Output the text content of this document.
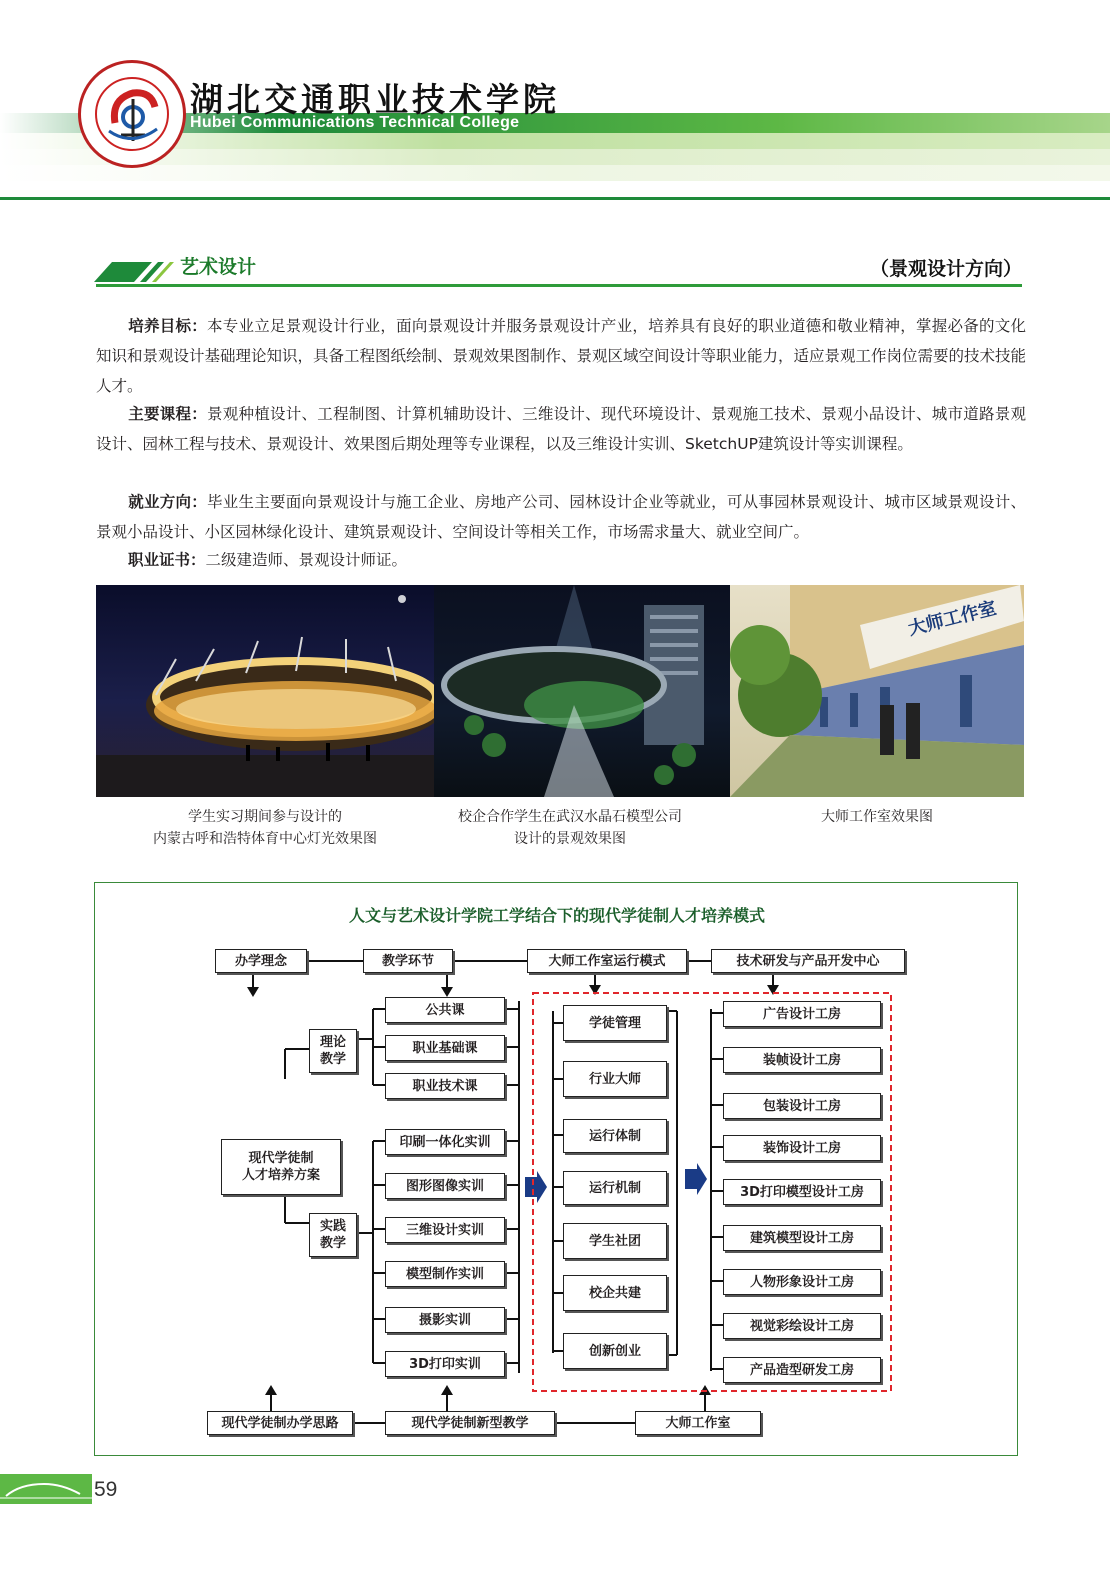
湖北交通职业技术学院
Hubei Communications Technical College
艺术设计	（景观设计方向）
培养目标：本专业立足景观设计行业，面向景观设计并服务景观设计产业，培养具有良好的职业道德和敬业精神，掌握必备的文化知识和景观设计基础理论知识，具备工程图纸绘制、景观效果图制作、景观区域空间设计等职业能力，适应景观工作岗位需要的技术技能人才。
主要课程：景观种植设计、工程制图、计算机辅助设计、三维设计、现代环境设计、景观施工技术、景观小品设计、城市道路景观设计、园林工程与技术、景观设计、效果图后期处理等专业课程，以及三维设计实训、SketchUP建筑设计等实训课程。
就业方向：毕业生主要面向景观设计与施工企业、房地产公司、园林设计企业等就业，可从事园林景观设计、城市区域景观设计、景观小品设计、小区园林绿化设计、建筑景观设计、空间设计等相关工作，市场需求量大、就业空间广。
职业证书：二级建造师、景观设计师证。
大师工作室
学生实习期间参与设计的
内蒙古呼和浩特体育中心灯光效果图
校企合作学生在武汉水晶石模型公司
设计的景观效果图
大师工作室效果图
人文与艺术设计学院工学结合下的现代学徒制人才培养模式
办学理念	教学环节	大师工作室运行模式	技术研发与产品开发中心
现代学徒制
人才培养方案
理论
教学
实践
教学
公共课
职业基础课
职业技术课
印刷一体化实训
图形图像实训
三维设计实训
模型制作实训
摄影实训
3D打印实训
学徒管理
行业大师
运行体制
运行机制
学生社团
校企共建
创新创业
广告设计工房
装帧设计工房
包装设计工房
装饰设计工房
3D打印模型设计工房
建筑模型设计工房
人物形象设计工房
视觉彩绘设计工房
产品造型研发工房
现代学徒制办学思路	现代学徒制新型教学	大师工作室
59
